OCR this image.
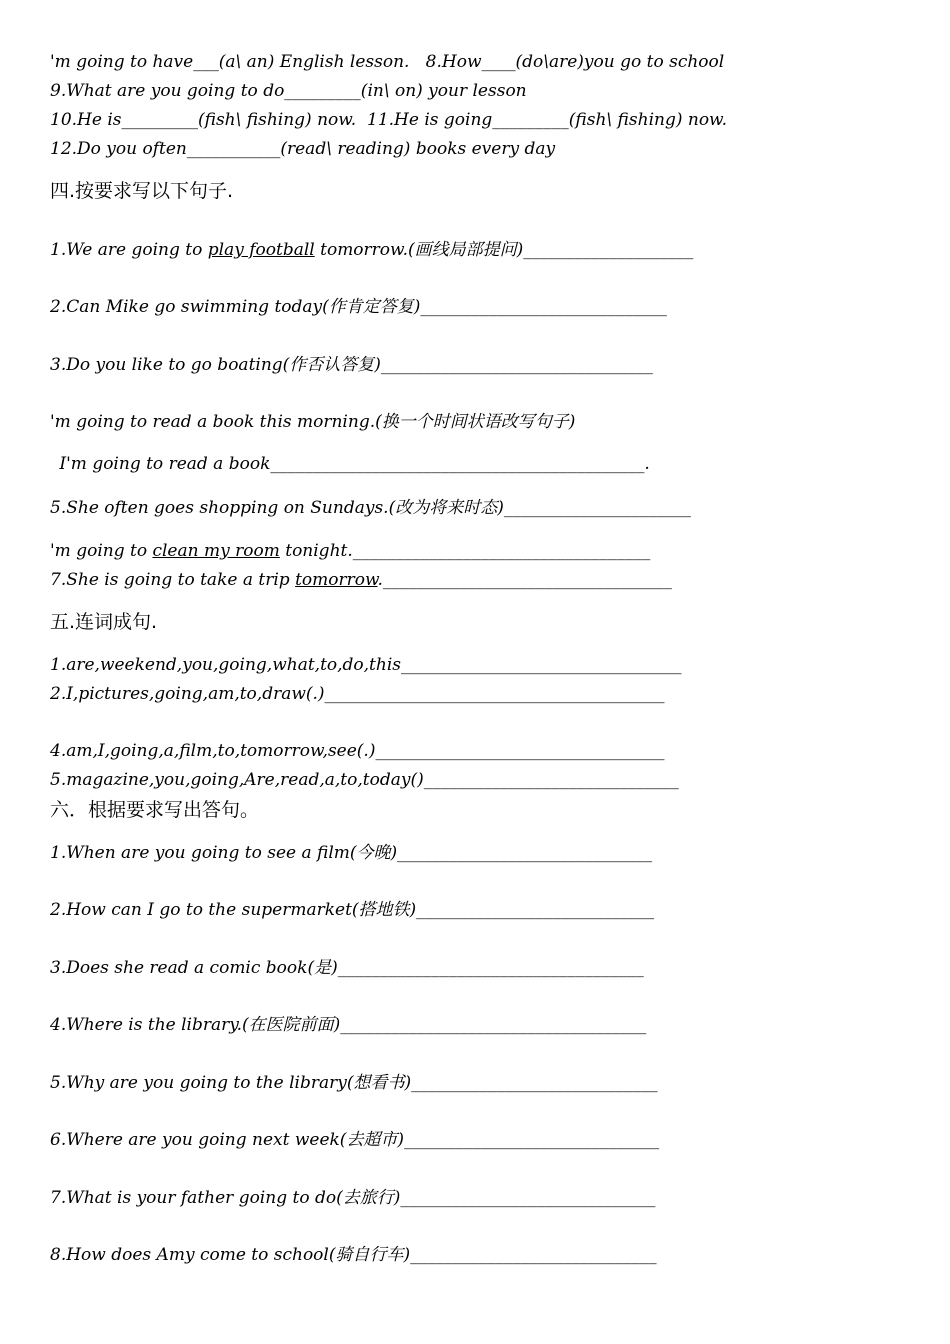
'm going to have___(a\ an) English lesson.   8.How____(do\are)you go to school
9.What are you going to do_________(in\ on) your lesson
10.He is_________(fish\ fishing) now.  11.He is going_________(fish\ fishing) now.
12.Do you often___________(read\ reading) books every day
四.按要求写以下句子.
1.We are going to play football tomorrow.(画线局部提问)____________________
2.Can Mike go swimming today(作肯定答复)_____________________________
3.Do you like to go boating(作否认答复)________________________________
'm going to read a book this morning.(换一个时间状语改写句子)
I'm going to read a book____________________________________________.
5.She often goes shopping on Sundays.(改为将来时态)______________________
'm going to clean my room tonight.___________________________________
7.She is going to take a trip tomorrow.__________________________________
五.连词成句.
1.are,weekend,you,going,what,to,do,this_________________________________
2.I,pictures,going,am,to,draw(.)________________________________________
4.am,I,going,a,film,to,tomorrow,see(.)__________________________________
5.magazine,you,going,Are,read,a,to,today()______________________________
六．根据要求写出答句。
1.When are you going to see a film(今晚)______________________________
2.How can I go to the supermarket(搭地铁)____________________________
3.Does she read a comic book(是)____________________________________
4.Where is the library.(在医院前面)____________________________________
5.Why are you going to the library(想看书)_____________________________
6.Where are you going next week(去超市)______________________________
7.What is your father going to do(去旅行)______________________________
8.How does Amy come to school(骑自行车)_____________________________
